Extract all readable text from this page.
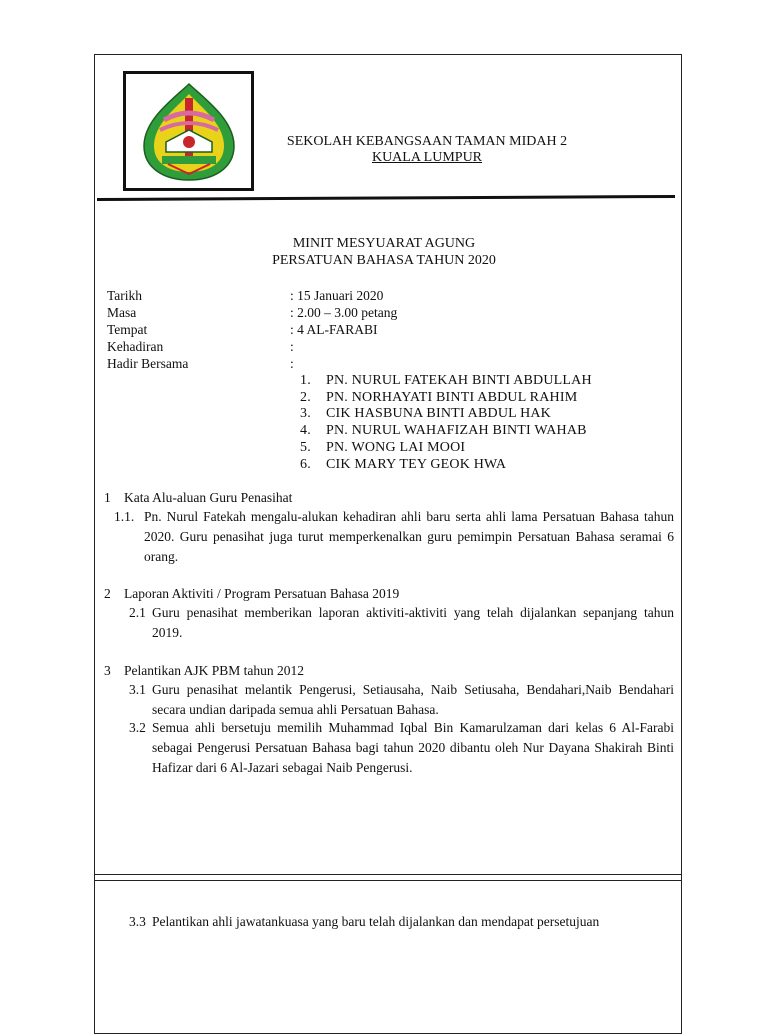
SEKOLAH KEBANGSAAN TAMAN MIDAH 2
KUALA LUMPUR
MINIT MESYUARAT AGUNG
PERSATUAN BAHASA TAHUN 2020
Tarikh	: 15 Januari 2020
Masa	: 2.00 – 3.00 petang
Tempat	: 4 AL-FARABI
Kehadiran	:
Hadir Bersama	:
1. PN. NURUL FATEKAH BINTI ABDULLAH
2. PN. NORHAYATI BINTI ABDUL RAHIM
3. CIK HASBUNA BINTI ABDUL HAK
4. PN. NURUL WAHAFIZAH BINTI WAHAB
5. PN. WONG LAI MOOI
6. CIK MARY TEY GEOK HWA
1 Kata Alu-aluan Guru Penasihat
1.1. Pn. Nurul Fatekah mengalu-alukan kehadiran ahli baru serta ahli lama Persatuan Bahasa tahun 2020. Guru penasihat juga turut memperkenalkan guru pemimpin Persatuan Bahasa seramai 6 orang.
2 Laporan Aktiviti / Program Persatuan Bahasa 2019
2.1 Guru penasihat memberikan laporan aktiviti-aktiviti yang telah dijalankan sepanjang tahun 2019.
3 Pelantikan AJK PBM tahun 2012
3.1 Guru penasihat melantik Pengerusi, Setiausaha, Naib Setiusaha, Bendahari,Naib Bendahari secara undian daripada semua ahli Persatuan Bahasa.
3.2 Semua ahli bersetuju memilih Muhammad Iqbal Bin Kamarulzaman dari kelas 6 Al-Farabi sebagai Pengerusi Persatuan Bahasa bagi tahun 2020 dibantu oleh Nur Dayana Shakirah Binti Hafizar dari 6 Al-Jazari sebagai Naib Pengerusi.
3.3 Pelantikan ahli jawatankuasa yang baru telah dijalankan dan mendapat persetujuan
